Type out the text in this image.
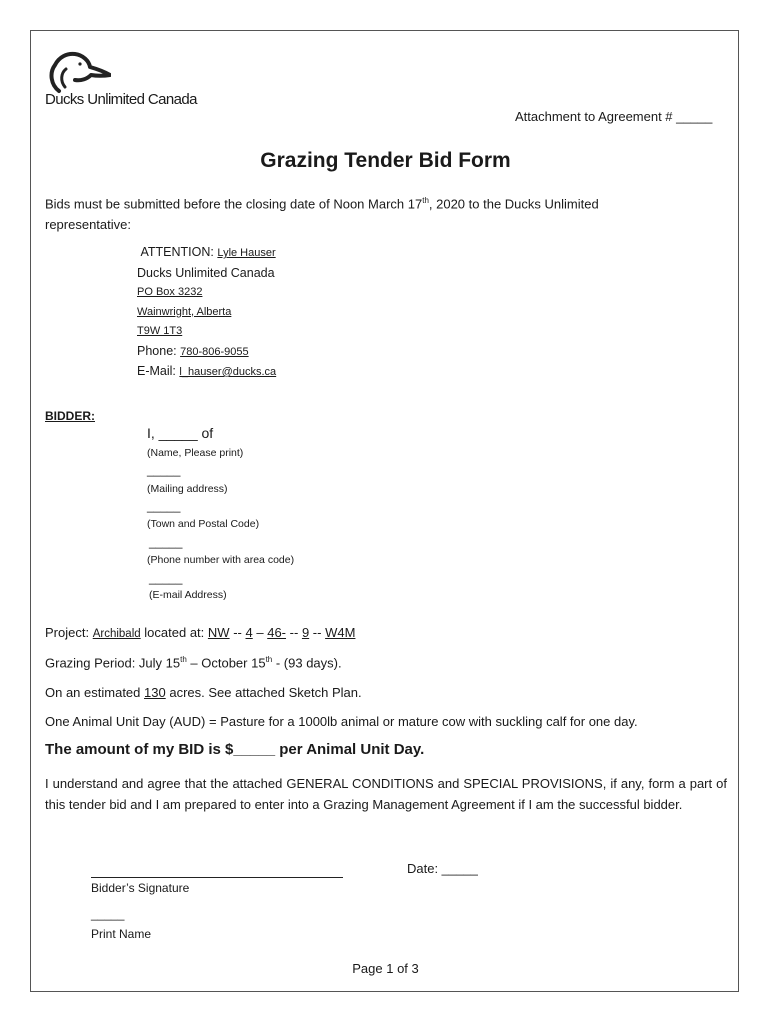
Ducks Unlimited Canada
Attachment to Agreement # _____
Grazing Tender Bid Form
Bids must be submitted before the closing date of Noon March 17th, 2020 to the Ducks Unlimited
representative:
ATTENTION: Lyle Hauser
Ducks Unlimited Canada
PO Box 3232
Wainwright, Alberta
T9W 1T3
Phone: 780-806-9055
E-Mail: l_hauser@ducks.ca
BIDDER:
I, _____ of
(Name, Please print)
_____
(Mailing address)
_____
(Town and Postal Code)
_____
(Phone number with area code)
_____
(E-mail Address)
Project: Archibald located at: NW -- 4 – 46- -- 9 -- W4M
Grazing Period: July 15th – October 15th - (93 days).
On an estimated 130 acres. See attached Sketch Plan.
One Animal Unit Day (AUD) = Pasture for a 1000lb animal or mature cow with suckling calf for one day.
The amount of my BID is $_____ per Animal Unit Day.
I understand and agree that the attached GENERAL CONDITIONS and SPECIAL PROVISIONS, if any, form a part of this tender bid and I am prepared to enter into a Grazing Management Agreement if I am the successful bidder.
Date: _____
Bidder’s Signature
_____
Print Name
Page 1 of 3
